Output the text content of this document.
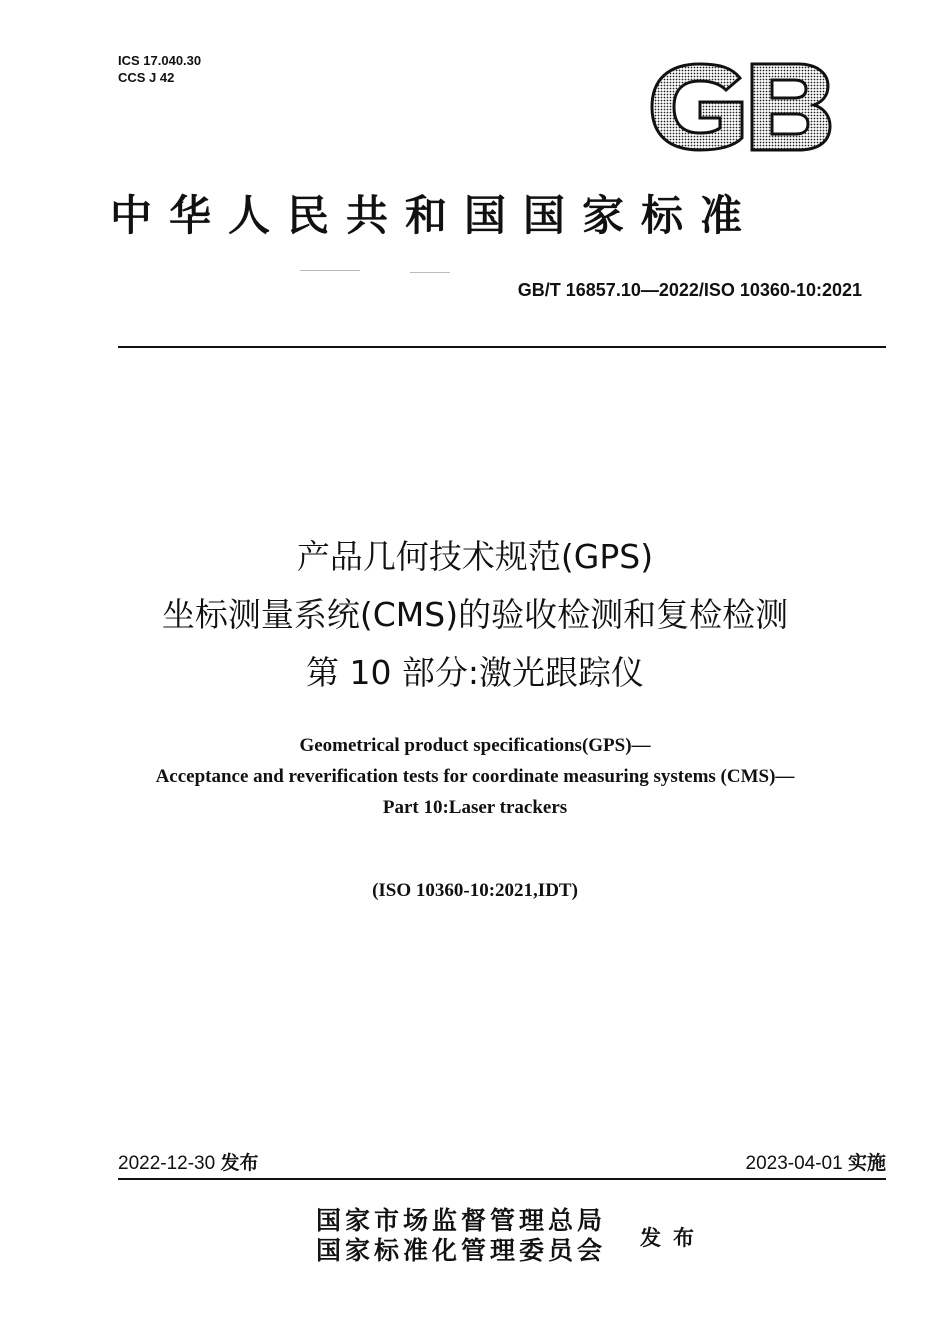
ICS 17.040.30
CCS J 42
中华人民共和国国家标准
GB/T 16857.10—2022/ISO 10360-10:2021
产品几何技术规范(GPS)
坐标测量系统(CMS)的验收检测和复检检测
第 10 部分:激光跟踪仪
Geometrical product specifications(GPS)—
Acceptance and reverification tests for coordinate measuring systems (CMS)—
Part 10:Laser trackers
(ISO 10360-10:2021,IDT)
2022-12-30 发布	2023-04-01 实施
国家市场监督管理总局
国家标准化管理委员会 发布
